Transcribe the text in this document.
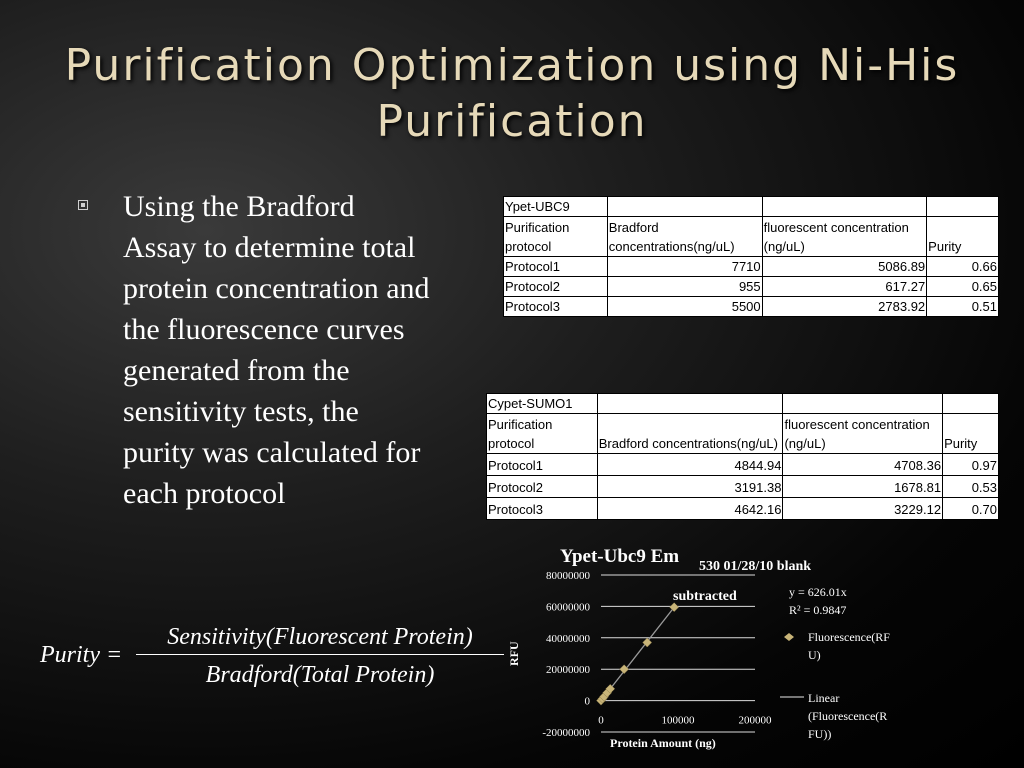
Purification Optimization using Ni-His Purification
Using the Bradford Assay to determine total protein concentration and the fluorescence curves generated from the sensitivity tests, the purity was calculated for each protocol
Purity =
Sensitivity(Fluorescent Protein)
Bradford(Total Protein)
Ypet-UBC9			
Purification protocol	Bradford concentrations(ng/uL)	fluorescent concentration (ng/uL)	Purity
Protocol1	7710	5086.89	0.66
Protocol2	955	617.27	0.65
Protocol3	5500	2783.92	0.51
Cypet-SUMO1			
Purification protocol	Bradford concentrations(ng/uL)	fluorescent concentration (ng/uL)	Purity
Protocol1	4844.94	4708.36	0.97
Protocol2	3191.38	1678.81	0.53
Protocol3	4642.16	3229.12	0.70
80000000
60000000
40000000
20000000
0
-20000000
0	100000	200000
Ypet-Ubc9 Em 530 01/28/10 blank
subtracted	y = 626.01x
R² = 0.9847
Protein Amount (ng)
RFU
Fluorescence(RF U)
Linear (Fluorescence(R FU))
